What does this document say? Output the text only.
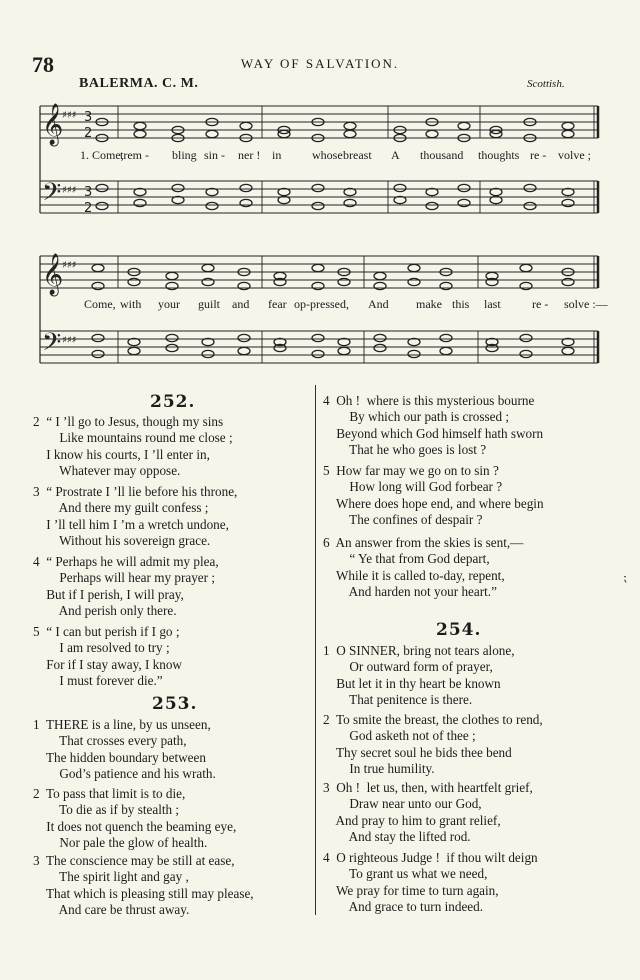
78	WAY OF SALVATION.
BALERMA. C. M.	Scottish.
𝄞
𝄞
𝄢
𝄢
♯♯♯
♯♯♯
♯♯♯
♯♯♯
3
2
3
2
1. Come,
trem - bling sin - ner ! in	whose breast A thousand thoughts re - volve ;
Come, with your guilt and fear op-pressed, And make this last	re - solve :—
252.
2  “ I ’ll go to Jesus, though my sins
Like mountains round me close ;
I know his courts, I ’ll enter in,
Whatever may oppose.
3  “ Prostrate I ’ll lie before his throne,
And there my guilt confess ;
I ’ll tell him I ’m a wretch undone,
Without his sovereign grace.
4  “ Perhaps he will admit my plea,
Perhaps will hear my prayer ;
But if I perish, I will pray,
And perish only there.
5  “ I can but perish if I go ;
I am resolved to try ;
For if I stay away, I know
I must forever die.”
253.
1  THERE is a line, by us unseen,
That crosses every path,
The hidden boundary between
God’s patience and his wrath.
2  To pass that limit is to die,
To die as if by stealth ;
It does not quench the beaming eye,
Nor pale the glow of health.
3  The conscience may be still at ease,
The spirit light and gay ,
That which is pleasing still may please,
And care be thrust away.
4  Oh !  where is this mysterious bourne
By which our path is crossed ;
Beyond which God himself hath sworn
That he who goes is lost ?
5  How far may we go on to sin ?
How long will God forbear ?
Where does hope end, and where begin
The confines of despair ?
6  An answer from the skies is sent,—
“ Ye that from God depart,
While it is called to-day, repent,
And harden not your heart.”
⁏
254.
1  O SINNER, bring not tears alone,
Or outward form of prayer,
But let it in thy heart be known
That penitence is there.
2  To smite the breast, the clothes to rend,
God asketh not of thee ;
Thy secret soul he bids thee bend
In true humility.
3  Oh !  let us, then, with heartfelt grief,
Draw near unto our God,
And pray to him to grant relief,
And stay the lifted rod.
4  O righteous Judge !  if thou wilt deign
To grant us what we need,
We pray for time to turn again,
And grace to turn indeed.
